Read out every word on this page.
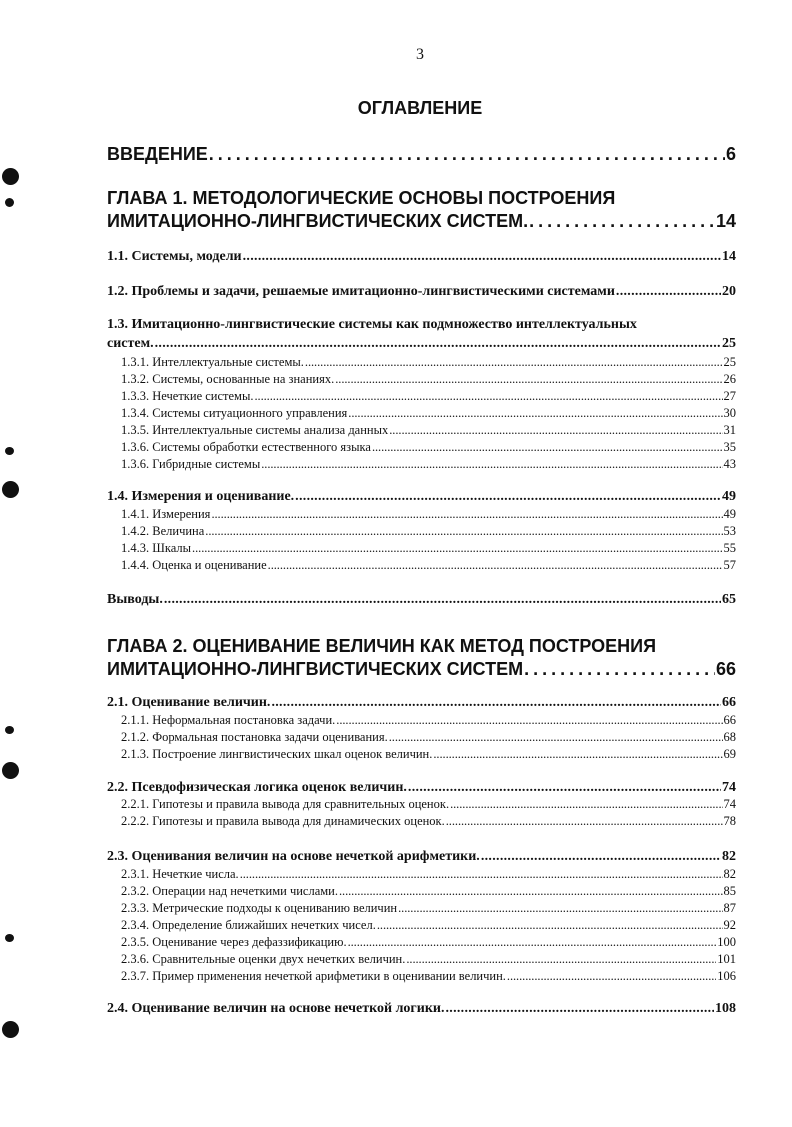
3
ОГЛАВЛЕНИЕ
ВВЕДЕНИЕ . . .	6
ГЛАВА 1. МЕТОДОЛОГИЧЕСКИЕ ОСНОВЫ ПОСТРОЕНИЯ
ИМИТАЦИОННО-ЛИНГВИСТИЧЕСКИХ СИСТЕМ. . . .	14
1.1. Системы, модели . . .	14
1.2. Проблемы и задачи, решаемые имитационно-лингвистическими системами . . .	20
1.3. Имитационно-лингвистические системы как подмножество интеллектуальных
систем. . . .	25
1.3.1. Интеллектуальные системы. . . .	25
1.3.2. Системы, основанные на знаниях. . . .	26
1.3.3. Нечеткие системы. . . .	27
1.3.4. Системы ситуационного управления . . .	30
1.3.5. Интеллектуальные системы анализа данных . . .	31
1.3.6. Системы обработки естественного языка . . .	35
1.3.6. Гибридные системы . . .	43
1.4. Измерения и оценивание. . . .	49
1.4.1. Измерения . . .	49
1.4.2. Величина . . .	53
1.4.3. Шкалы . . .	55
1.4.4. Оценка и оценивание . . .	57
Выводы. . . .	65
ГЛАВА 2. ОЦЕНИВАНИЕ ВЕЛИЧИН КАК МЕТОД ПОСТРОЕНИЯ
ИМИТАЦИОННО-ЛИНГВИСТИЧЕСКИХ СИСТЕМ . . .	66
2.1. Оценивание величин. . . .	66
2.1.1. Неформальная постановка задачи. . . .	66
2.1.2. Формальная постановка задачи оценивания. . . .	68
2.1.3. Построение лингвистических шкал оценок величин. . . .	69
2.2. Псевдофизическая логика оценок величин. . . .	74
2.2.1. Гипотезы и правила вывода для сравнительных оценок. . . .	74
2.2.2. Гипотезы и правила вывода для динамических оценок. . . .	78
2.3. Оценивания величин на основе нечеткой арифметики. . . .	82
2.3.1. Нечеткие числа. . . .	82
2.3.2. Операции над нечеткими числами. . . .	85
2.3.3. Метрические подходы к оцениванию величин . . .	87
2.3.4. Определение ближайших нечетких чисел. . . .	92
2.3.5. Оценивание через дефаззификацию. . . .	100
2.3.6. Сравнительные оценки двух нечетких величин. . . .	101
2.3.7. Пример применения нечеткой арифметики в оценивании величин. . . .	106
2.4. Оценивание величин на основе нечеткой логики. . . .	108
